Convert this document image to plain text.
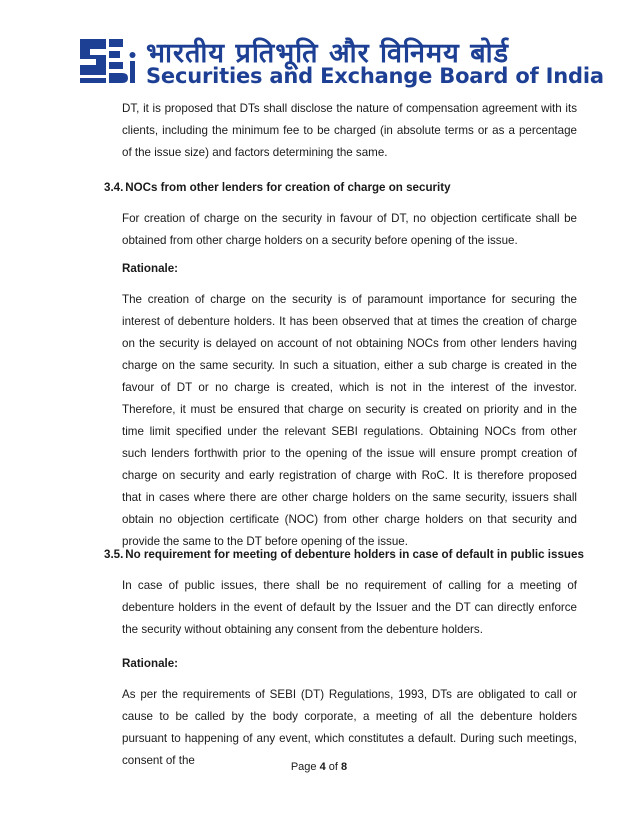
भारतीय प्रतिभूति और विनिमय बोर्ड
Securities and Exchange Board of India

DT, it is proposed that DTs shall disclose the nature of compensation agreement with its clients, including the minimum fee to be charged (in absolute terms or as a percentage of the issue size) and factors determining the same.

3.4. NOCs from other lenders for creation of charge on security

For creation of charge on the security in favour of DT, no objection certificate shall be obtained from other charge holders on a security before opening of the issue.

Rationale:

The creation of charge on the security is of paramount importance for securing the interest of debenture holders. It has been observed that at times the creation of charge on the security is delayed on account of not obtaining NOCs from other lenders having charge on the same security. In such a situation, either a sub charge is created in the favour of DT or no charge is created, which is not in the interest of the investor. Therefore, it must be ensured that charge on security is created on priority and in the time limit specified under the relevant SEBI regulations. Obtaining NOCs from other such lenders forthwith prior to the opening of the issue will ensure prompt creation of charge on security and early registration of charge with RoC. It is therefore proposed that in cases where there are other charge holders on the same security, issuers shall obtain no objection certificate (NOC) from other charge holders on that security and provide the same to the DT before opening of the issue.

3.5. No requirement for meeting of debenture holders in case of default in public issues

In case of public issues, there shall be no requirement of calling for a meeting of debenture holders in the event of default by the Issuer and the DT can directly enforce the security without obtaining any consent from the debenture holders.

Rationale:

As per the requirements of SEBI (DT) Regulations, 1993, DTs are obligated to call or cause to be called by the body corporate, a meeting of all the debenture holders pursuant to happening of any event, which constitutes a default. During such meetings, consent of the	Page 4 of 8
